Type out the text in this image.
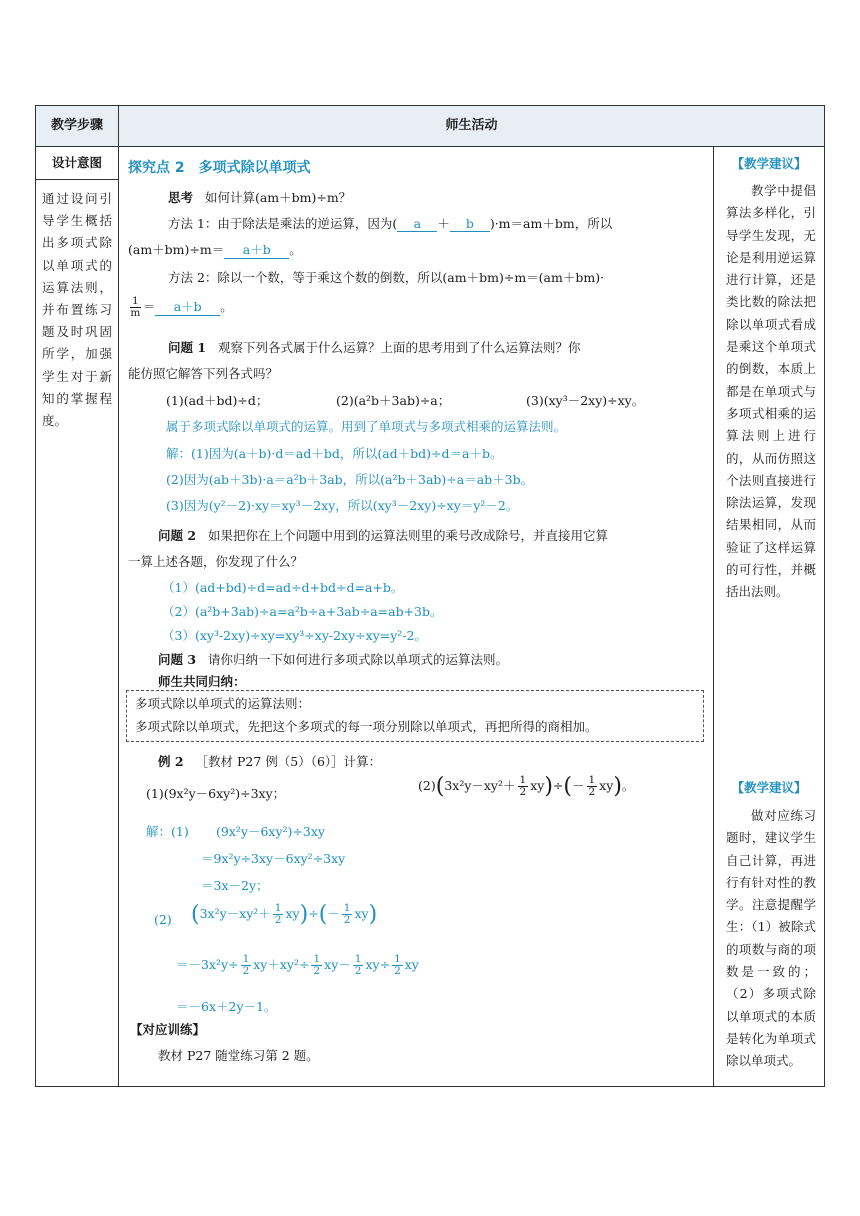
教学步骤	师生活动
设计意图
通过设问引导学生概括出多项式除以单项式的运算法则，并布置练习题及时巩固所学，加强学生对于新知的掌握程度。
【教学建议】
教学中提倡算法多样化，引导学生发现，无论是利用逆运算进行计算，还是类比数的除法把除以单项式看成是乘这个单项式的倒数，本质上都是在单项式与多项式相乘的运算法则上进行的，从而仿照这个法则直接进行除法运算，发现结果相同，从而验证了这样运算的可行性，并概括出法则。
【教学建议】
做对应练习题时，建议学生自己计算，再进行有针对性的教学。注意提醒学生：（1）被除式的项数与商的项数是一致的；（2）多项式除以单项式的本质是转化为单项式除以单项式。
探究点 2　多项式除以单项式
思考 如何计算(am＋bm)÷m？
方法 1：由于除法是乘法的逆运算，因为( a ＋ b )·m＝am＋bm，所以
(am＋bm)÷m＝ a＋b 。
方法 2：除以一个数，等于乘这个数的倒数，所以(am＋bm)÷m＝(am＋bm)·
$\frac{1}{m} = a+b$ 。
问题 1 观察下列各式属于什么运算？上面的思考用到了什么运算法则？你
能仿照它解答下列各式吗？
(1)(ad＋bd)÷d；	(2)(a²b＋3ab)÷a；	(3)(xy³－2xy)÷xy。
属于多项式除以单项式的运算。用到了单项式与多项式相乘的运算法则。
解：(1)因为(a＋b)·d＝ad＋bd，所以(ad＋bd)÷d＝a＋b。
(2)因为(ab＋3b)·a＝a²b＋3ab，所以(a²b＋3ab)÷a＝ab＋3b。
(3)因为(y²－2)·xy＝xy³－2xy，所以(xy³－2xy)÷xy＝y²－2。
问题 2 如果把你在上个问题中用到的运算法则里的乘号改成除号，并直接用它算
一算上述各题，你发现了什么？
（1）(ad+bd)÷d=ad÷d+bd÷d=a+b。
（2）(a²b+3ab)÷a=a²b÷a+3ab÷a=ab+3b。
（3）(xy³-2xy)÷xy=xy³÷xy-2xy÷xy=y²-2。
问题 3 请你归纳一下如何进行多项式除以单项式的运算法则。
师生共同归纳：
多项式除以单项式的运算法则：
多项式除以单项式，先把这个多项式的每一项分别除以单项式，再把所得的商相加。
例 2 ［教材 P27 例（5）（6）］计算：
(1)(9x²y－6xy²)÷3xy；
$(2)(3x^2y-xy^2+ \frac{1}{2} xy)\div(- \frac{1}{2} xy)$。
解：(1)	(9x²y－6xy²)÷3xy
＝9x²y÷3xy－6xy²÷3xy
＝3x－2y；
(2) $(3x^2y-xy^2+ \frac{1}{2} xy)\div(- \frac{1}{2} xy)$
$=-3x^2y\div \frac{1}{2} xy+xy^2\div \frac{1}{2} xy- \frac{1}{2} xy\div \frac{1}{2}$ xy
＝－6x＋2y－1。
【对应训练】
教材 P27 随堂练习第 2 题。
